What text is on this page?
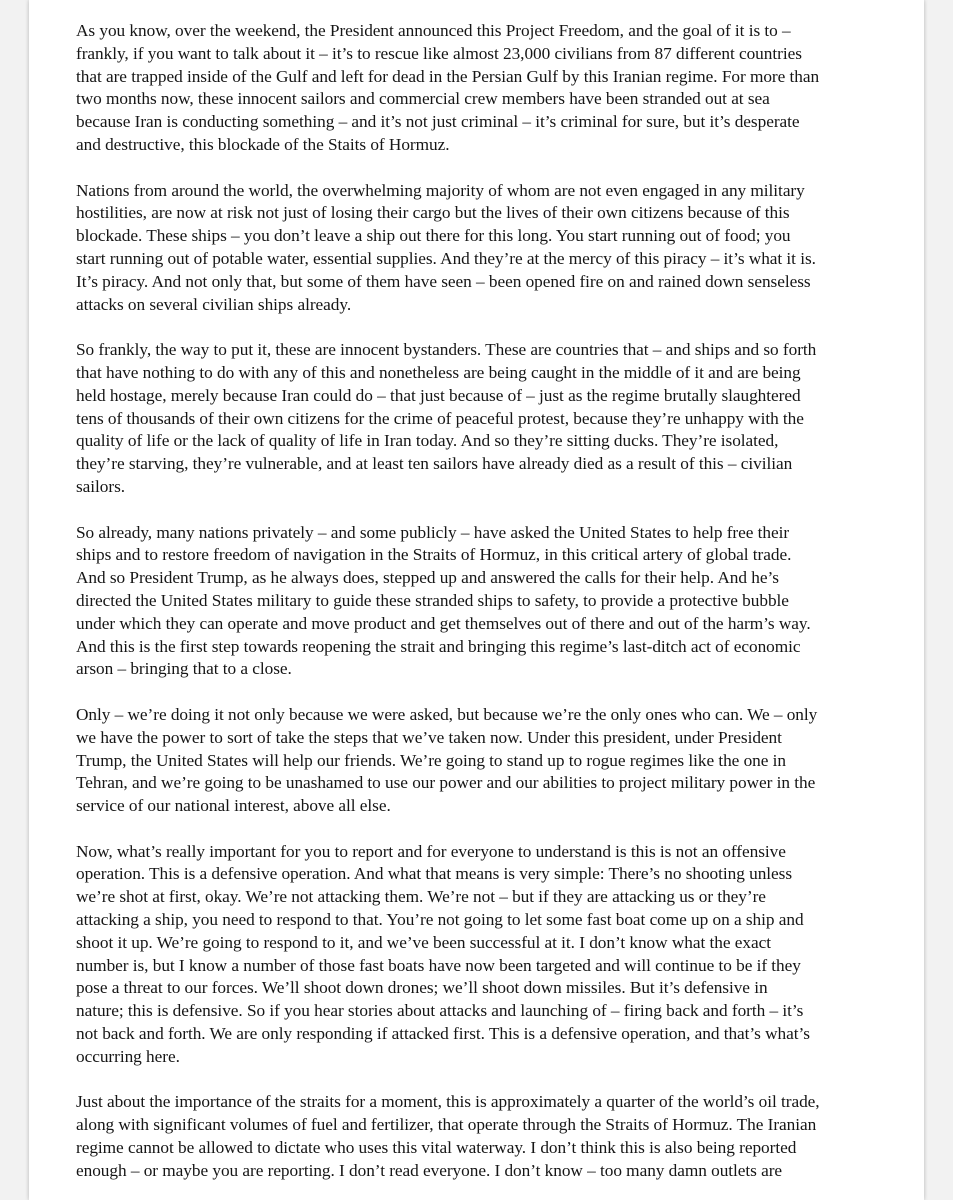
As you know, over the weekend, the President announced this Project Freedom, and the goal of it is to –
frankly, if you want to talk about it – it’s to rescue like almost 23,000 civilians from 87 different countries
that are trapped inside of the Gulf and left for dead in the Persian Gulf by this Iranian regime. For more than
two months now, these innocent sailors and commercial crew members have been stranded out at sea
because Iran is conducting something – and it’s not just criminal – it’s criminal for sure, but it’s desperate
and destructive, this blockade of the Staits of Hormuz.
Nations from around the world, the overwhelming majority of whom are not even engaged in any military
hostilities, are now at risk not just of losing their cargo but the lives of their own citizens because of this
blockade. These ships – you don’t leave a ship out there for this long. You start running out of food; you
start running out of potable water, essential supplies. And they’re at the mercy of this piracy – it’s what it is.
It’s piracy. And not only that, but some of them have seen – been opened fire on and rained down senseless
attacks on several civilian ships already.
So frankly, the way to put it, these are innocent bystanders. These are countries that – and ships and so forth
that have nothing to do with any of this and nonetheless are being caught in the middle of it and are being
held hostage, merely because Iran could do – that just because of – just as the regime brutally slaughtered
tens of thousands of their own citizens for the crime of peaceful protest, because they’re unhappy with the
quality of life or the lack of quality of life in Iran today. And so they’re sitting ducks. They’re isolated,
they’re starving, they’re vulnerable, and at least ten sailors have already died as a result of this – civilian
sailors.
So already, many nations privately – and some publicly – have asked the United States to help free their
ships and to restore freedom of navigation in the Straits of Hormuz, in this critical artery of global trade.
And so President Trump, as he always does, stepped up and answered the calls for their help. And he’s
directed the United States military to guide these stranded ships to safety, to provide a protective bubble
under which they can operate and move product and get themselves out of there and out of the harm’s way.
And this is the first step towards reopening the strait and bringing this regime’s last-ditch act of economic
arson – bringing that to a close.
Only – we’re doing it not only because we were asked, but because we’re the only ones who can. We – only
we have the power to sort of take the steps that we’ve taken now. Under this president, under President
Trump, the United States will help our friends. We’re going to stand up to rogue regimes like the one in
Tehran, and we’re going to be unashamed to use our power and our abilities to project military power in the
service of our national interest, above all else.
Now, what’s really important for you to report and for everyone to understand is this is not an offensive
operation. This is a defensive operation. And what that means is very simple: There’s no shooting unless
we’re shot at first, okay. We’re not attacking them. We’re not – but if they are attacking us or they’re
attacking a ship, you need to respond to that. You’re not going to let some fast boat come up on a ship and
shoot it up. We’re going to respond to it, and we’ve been successful at it. I don’t know what the exact
number is, but I know a number of those fast boats have now been targeted and will continue to be if they
pose a threat to our forces. We’ll shoot down drones; we’ll shoot down missiles. But it’s defensive in
nature; this is defensive. So if you hear stories about attacks and launching of – firing back and forth – it’s
not back and forth. We are only responding if attacked first. This is a defensive operation, and that’s what’s
occurring here.
Just about the importance of the straits for a moment, this is approximately a quarter of the world’s oil trade,
along with significant volumes of fuel and fertilizer, that operate through the Straits of Hormuz. The Iranian
regime cannot be allowed to dictate who uses this vital waterway. I don’t think this is also being reported
enough – or maybe you are reporting. I don’t read everyone. I don’t know – too many damn outlets are
